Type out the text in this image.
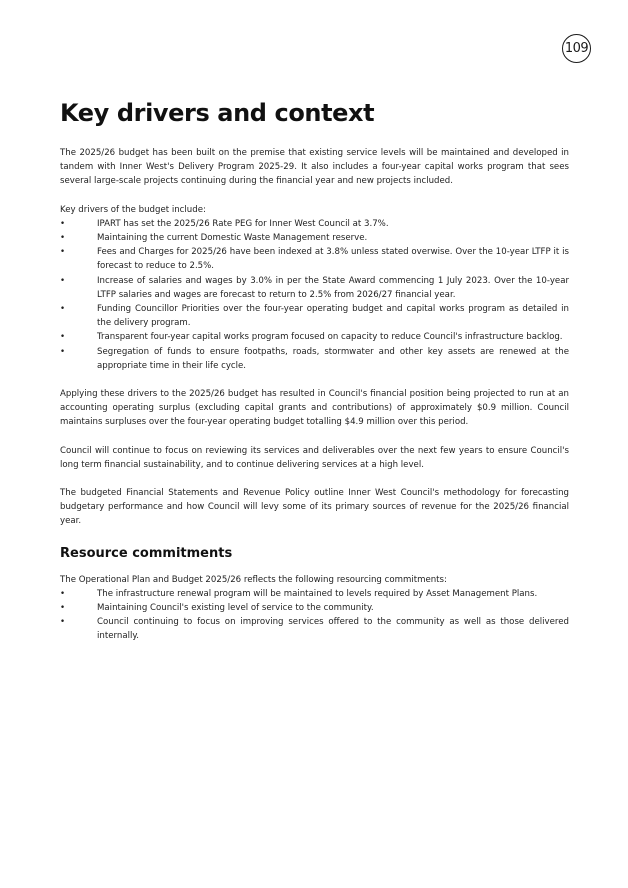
109
Key drivers and context

The 2025/26 budget has been built on the premise that existing service levels will be maintained and developed in tandem with Inner West's Delivery Program 2025-29. It also includes a four-year capital works program that sees several large-scale projects continuing during the financial year and new projects included.

Key drivers of the budget include:

•	IPART has set the 2025/26 Rate PEG for Inner West Council at 3.7%.
•	Maintaining the current Domestic Waste Management reserve.
•	Fees and Charges for 2025/26 have been indexed at 3.8% unless stated overwise. Over the 10-year LTFP it is forecast to reduce to 2.5%.
•	Increase of salaries and wages by 3.0% in per the State Award commencing 1 July 2023. Over the 10-year LTFP salaries and wages are forecast to return to 2.5% from 2026/27 financial year.
•	Funding Councillor Priorities over the four-year operating budget and capital works program as detailed in the delivery program.
•	Transparent four-year capital works program focused on capacity to reduce Council's infrastructure backlog.
•	Segregation of funds to ensure footpaths, roads, stormwater and other key assets are renewed at the appropriate time in their life cycle.

Applying these drivers to the 2025/26 budget has resulted in Council's financial position being projected to run at an accounting operating surplus (excluding capital grants and contributions) of approximately $0.9 million. Council maintains surpluses over the four-year operating budget totalling $4.9 million over this period.

Council will continue to focus on reviewing its services and deliverables over the next few years to ensure Council's long term financial sustainability, and to continue delivering services at a high level.

The budgeted Financial Statements and Revenue Policy outline Inner West Council's methodology for forecasting budgetary performance and how Council will levy some of its primary sources of revenue for the 2025/26 financial year.

Resource commitments

The Operational Plan and Budget 2025/26 reflects the following resourcing commitments:

•	The infrastructure renewal program will be maintained to levels required by Asset Management Plans.
•	Maintaining Council's existing level of service to the community.
•	Council continuing to focus on improving services offered to the community as well as those delivered internally.
